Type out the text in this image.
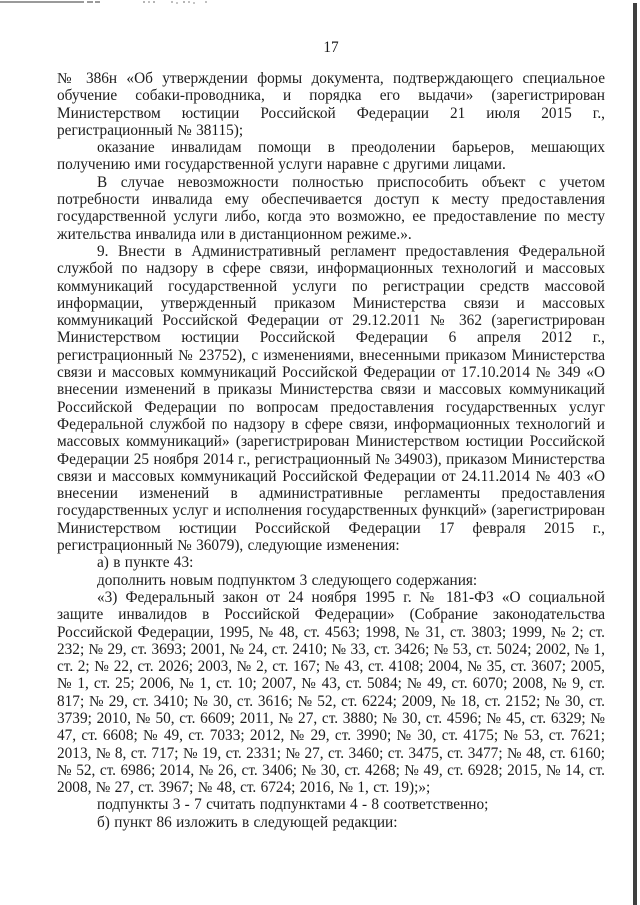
17

№ 386н «Об утверждении формы документа, подтверждающего специальное обучение собаки-проводника, и порядка его выдачи» (зарегистрирован Министерством юстиции Российской Федерации 21 июля 2015 г., регистрационный № 38115);

оказание инвалидам помощи в преодолении барьеров, мешающих получению ими государственной услуги наравне с другими лицами.

В случае невозможности полностью приспособить объект с учетом потребности инвалида ему обеспечивается доступ к месту предоставления государственной услуги либо, когда это возможно, ее предоставление по месту жительства инвалида или в дистанционном режиме.».

9. Внести в Административный регламент предоставления Федеральной службой по надзору в сфере связи, информационных технологий и массовых коммуникаций государственной услуги по регистрации средств массовой информации, утвержденный приказом Министерства связи и массовых коммуникаций Российской Федерации от 29.12.2011 № 362 (зарегистрирован Министерством юстиции Российской Федерации 6 апреля 2012 г., регистрационный № 23752), с изменениями, внесенными приказом Министерства связи и массовых коммуникаций Российской Федерации от 17.10.2014 № 349 «О внесении изменений в приказы Министерства связи и массовых коммуникаций Российской Федерации по вопросам предоставления государственных услуг Федеральной службой по надзору в сфере связи, информационных технологий и массовых коммуникаций» (зарегистрирован Министерством юстиции Российской Федерации 25 ноября 2014 г., регистрационный № 34903), приказом Министерства связи и массовых коммуникаций Российской Федерации от 24.11.2014 № 403 «О внесении изменений в административные регламенты предоставления государственных услуг и исполнения государственных функций» (зарегистрирован Министерством юстиции Российской Федерации 17 февраля 2015 г., регистрационный № 36079), следующие изменения:

а) в пункте 43:

дополнить новым подпунктом 3 следующего содержания:

«3) Федеральный закон от 24 ноября 1995 г. № 181-ФЗ «О социальной защите инвалидов в Российской Федерации» (Собрание законодательства Российской Федерации, 1995, № 48, ст. 4563; 1998, № 31, ст. 3803; 1999, № 2; ст. 232; № 29, ст. 3693; 2001, № 24, ст. 2410; № 33, ст. 3426; № 53, ст. 5024; 2002, № 1, ст. 2; № 22, ст. 2026; 2003, № 2, ст. 167; № 43, ст. 4108; 2004, № 35, ст. 3607; 2005, № 1, ст. 25; 2006, № 1, ст. 10; 2007, № 43, ст. 5084; № 49, ст. 6070; 2008, № 9, ст. 817; № 29, ст. 3410; № 30, ст. 3616; № 52, ст. 6224; 2009, № 18, ст. 2152; № 30, ст. 3739; 2010, № 50, ст. 6609; 2011, № 27, ст. 3880; № 30, ст. 4596; № 45, ст. 6329; № 47, ст. 6608; № 49, ст. 7033; 2012, № 29, ст. 3990; № 30, ст. 4175; № 53, ст. 7621; 2013, № 8, ст. 717; № 19, ст. 2331; № 27, ст. 3460; ст. 3475, ст. 3477; № 48, ст. 6160; № 52, ст. 6986; 2014, № 26, ст. 3406; № 30, ст. 4268; № 49, ст. 6928; 2015, № 14, ст. 2008, № 27, ст. 3967; № 48, ст. 6724; 2016, № 1, ст. 19);»;

подпункты 3 - 7 считать подпунктами 4 - 8 соответственно;

б) пункт 86 изложить в следующей редакции:
